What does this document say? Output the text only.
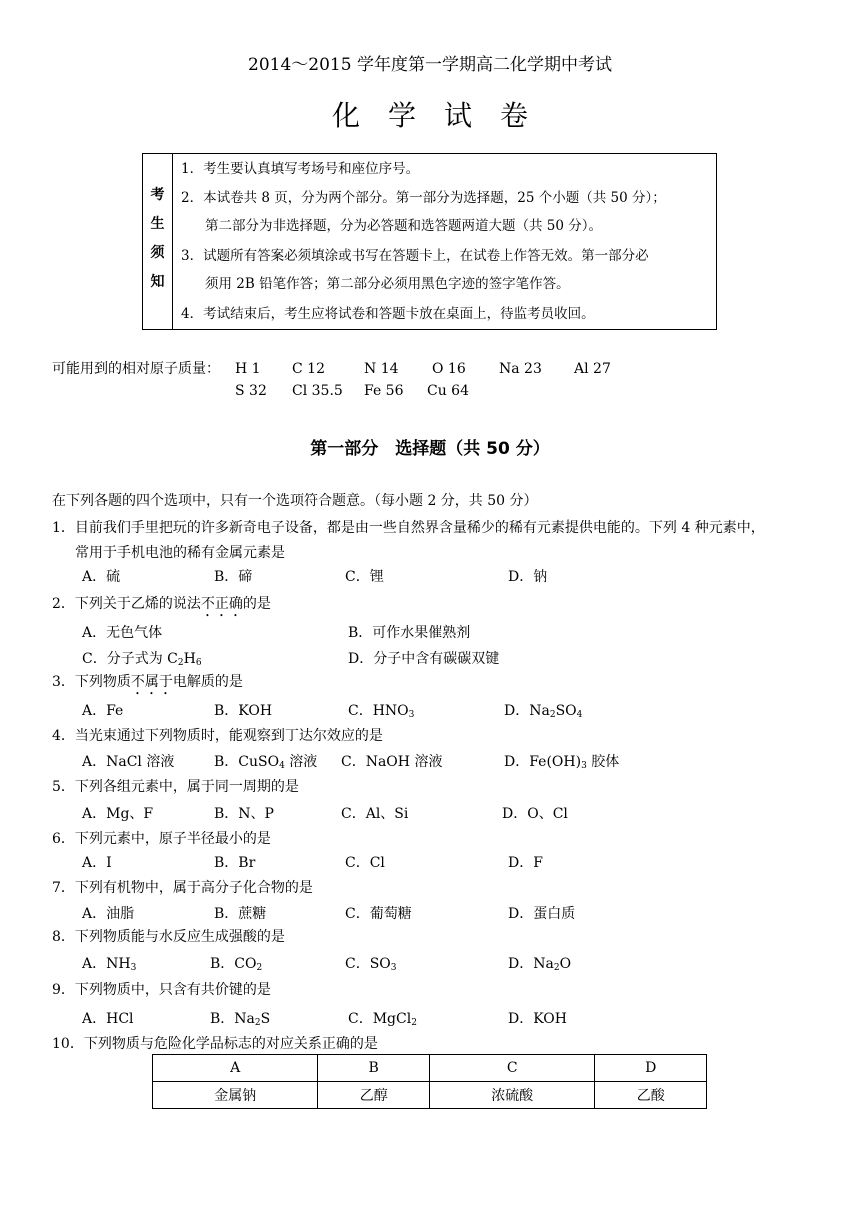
2014～2015 学年度第一学期高二化学期中考试
化学试卷
考
生
须
知
1．考生要认真填写考场号和座位序号。
2．本试卷共 8 页，分为两个部分。第一部分为选择题，25 个小题（共 50 分）；
第二部分为非选择题，分为必答题和选答题两道大题（共 50 分）。
3．试题所有答案必须填涂或书写在答题卡上，在试卷上作答无效。第一部分必
须用 2B 铅笔作答；第二部分必须用黑色字迹的签字笔作答。
4．考试结束后，考生应将试卷和答题卡放在桌面上，待监考员收回。
可能用到的相对原子质量： H 1 C 12	N 14 O 16 Na 23 Al 27
S 32 Cl 35.5 Fe 56 Cu 64
第一部分　选择题（共 50 分）
在下列各题的四个选项中，只有一个选项符合题意。（每小题 2 分，共 50 分）
1．目前我们手里把玩的许多新奇电子设备，都是由一些自然界含量稀少的稀有元素提供电能的。下列 4 种元素中，
常用于手机电池的稀有金属元素是
A．硫	B．碲	C．锂	D．钠
2．下列关于乙烯的说法不正确的是
A．无色气体	B．可作水果催熟剂
C．分子式为 $C_2H_6$	D．分子中含有碳碳双键
3．下列物质不属于电解质的是
A．Fe	B．KOH	C．$HNO_3$	D．$Na_2SO_4$
4．当光束通过下列物质时，能观察到丁达尔效应的是
A．NaCl 溶液	B．CuSO$_4$ 溶液 C．NaOH 溶液	D．$Fe(OH)_3$ 胶体
5．下列各组元素中，属于同一周期的是
A．Mg、F	B．N、P	C．Al、Si	D．O、Cl
6．下列元素中，原子半径最小的是
A．I	B．Br	C．Cl	D．F
7．下列有机物中，属于高分子化合物的是
A．油脂	B．蔗糖	C．葡萄糖	D．蛋白质
8．下列物质能与水反应生成强酸的是
A．$NH_3$	B．$CO_2$	C．$SO_3$	D．$Na_2O$
9．下列物质中，只含有共价键的是
A．HCl	B．$Na_2S$	C．MgCl$_2$	D．KOH
10．下列物质与危险化学品标志的对应关系正确的是
A	B	C	D
金属钠	乙醇	浓硫酸	乙酸
